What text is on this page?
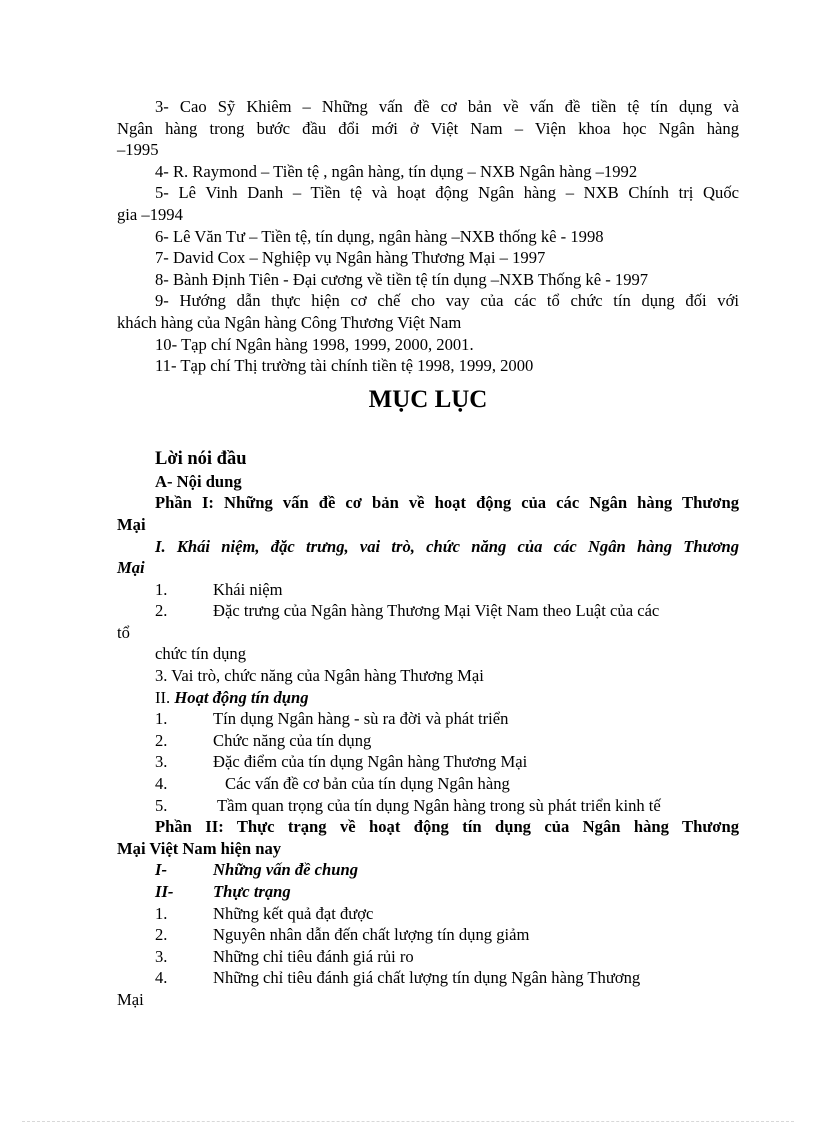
3- Cao Sỹ Khiêm – Những vấn đề cơ bản về vấn đề tiền tệ tín dụng và
Ngân hàng trong bước đầu đổi mới ở Việt Nam – Viện khoa học Ngân hàng
–1995
4- R. Raymond – Tiền tệ , ngân hàng, tín dụng – NXB Ngân hàng –1992
5- Lê Vinh Danh – Tiền tệ và hoạt động Ngân hàng – NXB Chính trị Quốc
gia –1994
6- Lê Văn Tư – Tiền tệ, tín dụng, ngân hàng –NXB thống kê - 1998
7- David Cox – Nghiệp vụ Ngân hàng Thương Mại – 1997
8- Bành Định Tiên - Đại cương về tiền tệ tín dụng –NXB Thống kê - 1997
9- Hướng dẫn thực hiện cơ chế cho vay của các tổ chức tín dụng đối với
khách hàng của Ngân hàng Công Thương Việt Nam
10- Tạp chí Ngân hàng 1998, 1999, 2000, 2001.
11- Tạp chí Thị trường tài chính tiền tệ 1998, 1999, 2000
MỤC LỤC
Lời nói đầu
A- Nội dung
Phần I: Những vấn đề cơ bản về hoạt động của các Ngân hàng Thương
Mại
I. Khái niệm, đặc trưng, vai trò, chức năng của các Ngân hàng Thương
Mại
1.	Khái niệm
2.	Đặc trưng của Ngân hàng Thương Mại Việt Nam theo Luật của các
tổ
chức tín dụng
3. Vai trò, chức năng của Ngân hàng Thương Mại
II. Hoạt động tín dụng
1.	Tín dụng Ngân hàng - sù ra đời và phát triển
2.	Chức năng của tín dụng
3.	Đặc điểm của tín dụng Ngân hàng Thương Mại
4.	Các vấn đề cơ bản của tín dụng Ngân hàng
5.	Tầm quan trọng của tín dụng Ngân hàng trong sù phát triển kinh tế
Phần II: Thực trạng về hoạt động tín dụng của Ngân hàng Thương
Mại Việt Nam hiện nay
I-	Những vấn đề chung
II- Thực trạng
1.	Những kết quả đạt được
2.	Nguyên nhân dẫn đến chất lượng tín dụng giảm
3.	Những chỉ tiêu đánh giá rủi ro
4.	Những chỉ tiêu đánh giá chất lượng tín dụng Ngân hàng Thương
Mại
